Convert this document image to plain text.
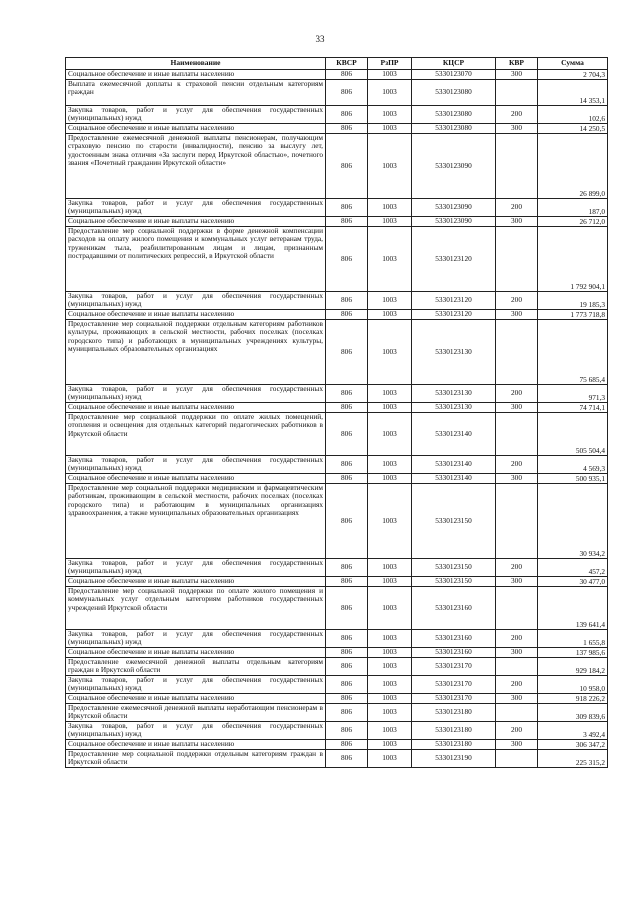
33
Наименование	КВСР	РзПР	КЦСР	КВР	Сумма
Социальное обеспечение и иные выплаты населению	806	1003	5330123070	300	2 704,3
Выплата ежемесячной доплаты к страховой пенсии отдельным категориям граждан	806	1003	5330123080		14 353,1
Закупка товаров, работ и услуг для обеспечения государственных (муниципальных) нужд	806	1003	5330123080	200	102,6
Социальное обеспечение и иные выплаты населению	806	1003	5330123080	300	14 250,5
Предоставление ежемесячной денежной выплаты пенсионерам, получающим страховую пенсию по старости (инвалидности), пенсию за выслугу лет, удостоенным знака отличия «За заслуги перед Иркутской областью», почетного звания «Почетный гражданин Иркутской области»	806	1003	5330123090		26 899,0
Закупка товаров, работ и услуг для обеспечения государственных (муниципальных) нужд	806	1003	5330123090	200	187,0
Социальное обеспечение и иные выплаты населению	806	1003	5330123090	300	26 712,0
Предоставление мер социальной поддержки в форме денежной компенсации расходов на оплату жилого помещения и коммунальных услуг ветеранам труда, труженикам тыла, реабилитированным лицам и лицам, признанным пострадавшими от политических репрессий, в Иркутской области	806	1003	5330123120		1 792 904,1
Закупка товаров, работ и услуг для обеспечения государственных (муниципальных) нужд	806	1003	5330123120	200	19 185,3
Социальное обеспечение и иные выплаты населению	806	1003	5330123120	300	1 773 718,8
Предоставление мер социальной поддержки отдельным категориям работников культуры, проживающих в сельской местности, рабочих поселках (поселках городского типа) и работающих в муниципальных учреждениях культуры, муниципальных образовательных организациях	806	1003	5330123130		75 685,4
Закупка товаров, работ и услуг для обеспечения государственных (муниципальных) нужд	806	1003	5330123130	200	971,3
Социальное обеспечение и иные выплаты населению	806	1003	5330123130	300	74 714,1
Предоставление мер социальной поддержки по оплате жилых помещений, отопления и освещения для отдельных категорий педагогических работников в Иркутской области	806	1003	5330123140		505 504,4
Закупка товаров, работ и услуг для обеспечения государственных (муниципальных) нужд	806	1003	5330123140	200	4 569,3
Социальное обеспечение и иные выплаты населению	806	1003	5330123140	300	500 935,1
Предоставление мер социальной поддержки медицинским и фармацевтическим работникам, проживающим в сельской местности, рабочих поселках (поселках городского типа) и работающим в муниципальных организациях здравоохранения, а также муниципальных образовательных организациях	806	1003	5330123150		30 934,2
Закупка товаров, работ и услуг для обеспечения государственных (муниципальных) нужд	806	1003	5330123150	200	457,2
Социальное обеспечение и иные выплаты населению	806	1003	5330123150	300	30 477,0
Предоставление мер социальной поддержки по оплате жилого помещения и коммунальных услуг отдельным категориям работников государственных учреждений Иркутской области	806	1003	5330123160		139 641,4
Закупка товаров, работ и услуг для обеспечения государственных (муниципальных) нужд	806	1003	5330123160	200	1 655,8
Социальное обеспечение и иные выплаты населению	806	1003	5330123160	300	137 985,6
Предоставление ежемесячной денежной выплаты отдельным категориям граждан в Иркутской области	806	1003	5330123170		929 184,2
Закупка товаров, работ и услуг для обеспечения государственных (муниципальных) нужд	806	1003	5330123170	200	10 958,0
Социальное обеспечение и иные выплаты населению	806	1003	5330123170	300	918 226,2
Предоставление ежемесячной денежной выплаты неработающим пенсионерам в Иркутской области	806	1003	5330123180		309 839,6
Закупка товаров, работ и услуг для обеспечения государственных (муниципальных) нужд	806	1003	5330123180	200	3 492,4
Социальное обеспечение и иные выплаты населению	806	1003	5330123180	300	306 347,2
Предоставление мер социальной поддержки отдельным категориям граждан в Иркутской области	806	1003	5330123190		225 315,2
